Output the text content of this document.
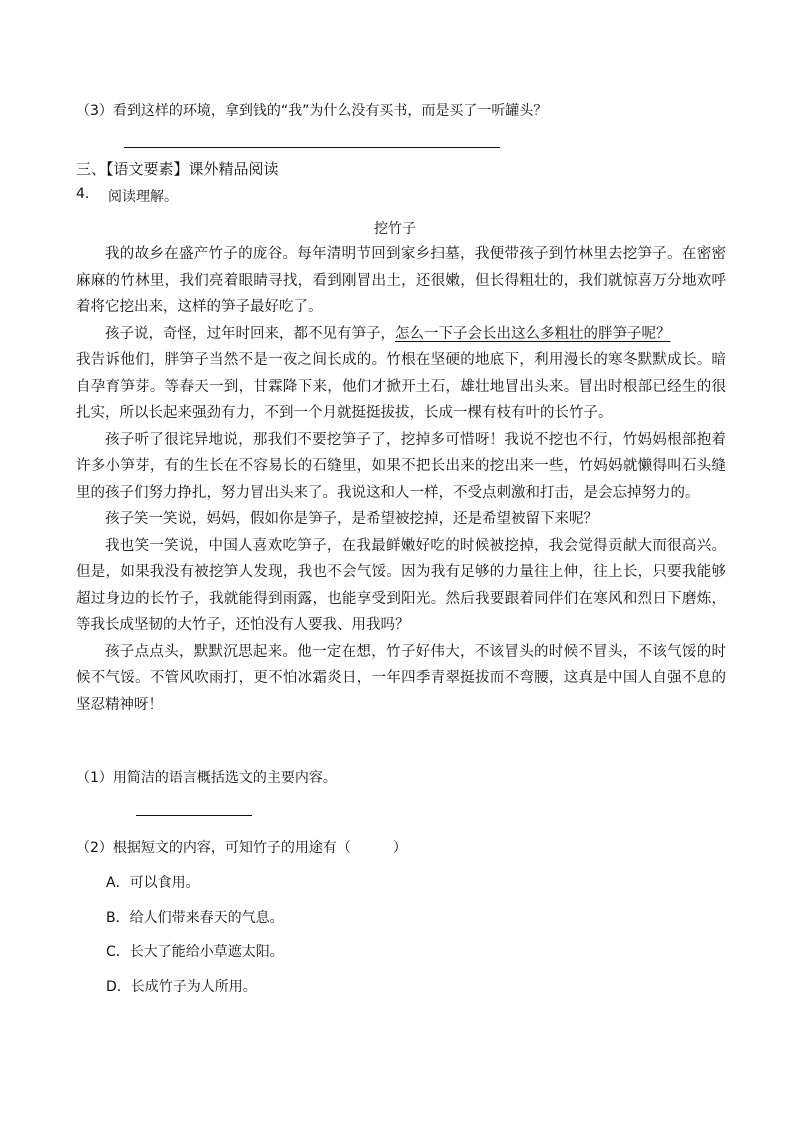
（3）看到这样的环境，拿到钱的“我”为什么没有买书，而是买了一听罐头？
三、【语文要素】课外精品阅读
4. 阅读理解。
挖竹子

我的故乡在盛产竹子的庞谷。每年清明节回到家乡扫墓，我便带孩子到竹林里去挖笋子。在密密麻麻的竹林里，我们亮着眼睛寻找，看到刚冒出土，还很嫩，但长得粗壮的，我们就惊喜万分地欢呼着将它挖出来，这样的笋子最好吃了。

孩子说，奇怪，过年时回来，都不见有笋子，怎么一下子会长出这么多粗壮的胖笋子呢？

我告诉他们，胖笋子当然不是一夜之间长成的。竹根在坚硬的地底下，利用漫长的寒冬默默成长。暗自孕育笋芽。等春天一到，甘霖降下来，他们才掀开土石，雄壮地冒出头来。冒出时根部已经生的很扎实，所以长起来强劲有力，不到一个月就挺挺拔拔，长成一棵有枝有叶的长竹子。

孩子听了很诧异地说，那我们不要挖笋子了，挖掉多可惜呀！我说不挖也不行，竹妈妈根部抱着许多小笋芽，有的生长在不容易长的石缝里，如果不把长出来的挖出来一些，竹妈妈就懒得叫石头缝里的孩子们努力挣扎，努力冒出头来了。我说这和人一样，不受点刺激和打击，是会忘掉努力的。

孩子笑一笑说，妈妈，假如你是笋子，是希望被挖掉，还是希望被留下来呢？

我也笑一笑说，中国人喜欢吃笋子，在我最鲜嫩好吃的时候被挖掉，我会觉得贡献大而很高兴。但是，如果我没有被挖笋人发现，我也不会气馁。因为我有足够的力量往上伸，往上长，只要我能够超过身边的长竹子，我就能得到雨露，也能享受到阳光。然后我要跟着同伴们在寒风和烈日下磨炼，等我长成坚韧的大竹子，还怕没有人要我、用我吗？

孩子点点头，默默沉思起来。他一定在想，竹子好伟大，不该冒头的时候不冒头，不该气馁的时候不气馁。不管风吹雨打，更不怕冰霜炎日，一年四季青翠挺拔而不弯腰，这真是中国人自强不息的坚忍精神呀！

（1）用简洁的语言概括选文的主要内容。
（2）根据短文的内容，可知竹子的用途有（　　　）
A．可以食用。
B．给人们带来春天的气息。
C．长大了能给小草遮太阳。
D．长成竹子为人所用。
